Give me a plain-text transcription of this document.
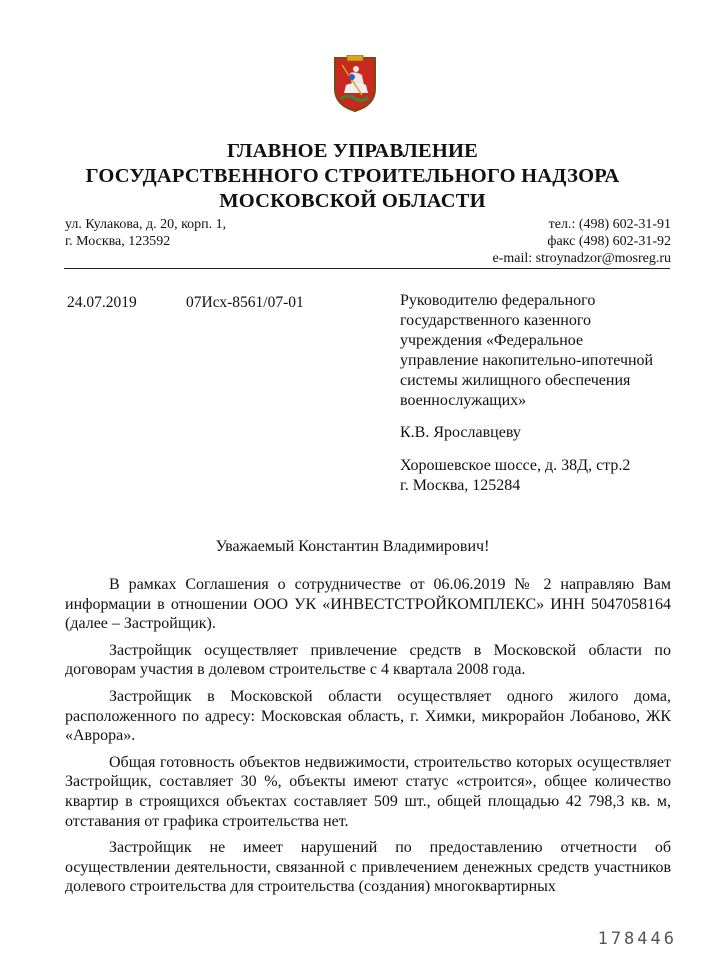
ГЛАВНОЕ УПРАВЛЕНИЕ
ГОСУДАРСТВЕННОГО СТРОИТЕЛЬНОГО НАДЗОРА
МОСКОВСКОЙ ОБЛАСТИ
ул. Кулакова, д. 20, корп. 1,
г. Москва, 123592
тел.: (498) 602-31-91
факс (498) 602-31-92
e-mail: stroynadzor@mosreg.ru
24.07.2019	07Исх-8561/07-01	Руководителю федерального
государственного казенного
учреждения «Федеральное
управление накопительно-ипотечной
системы жилищного обеспечения
военнослужащих»
К.В. Ярославцеву
Хорошевское шоссе, д. 38Д, стр.2
г. Москва, 125284
Уважаемый Константин Владимирович!

В рамках Соглашения о сотрудничестве от 06.06.2019 № 2 направляю Вам информации в отношении ООО УК «ИНВЕСТСТРОЙКОМПЛЕКС» ИНН 5047058164 (далее – Застройщик).

Застройщик осуществляет привлечение средств в Московской области по договорам участия в долевом строительстве с 4 квартала 2008 года.

Застройщик в Московской области осуществляет одного жилого дома, расположенного по адресу: Московская область, г. Химки, микрорайон Лобаново, ЖК «Аврора».

Общая готовность объектов недвижимости, строительство которых осуществляет Застройщик, составляет 30 %, объекты имеют статус «строится», общее количество квартир в строящихся объектах составляет 509 шт., общей площадью 42 798,3 кв. м, отставания от графика строительства нет.

Застройщик не имеет нарушений по предоставлению отчетности об осуществлении деятельности, связанной с привлечением денежных средств участников долевого строительства для строительства (создания) многоквартирных

178446
